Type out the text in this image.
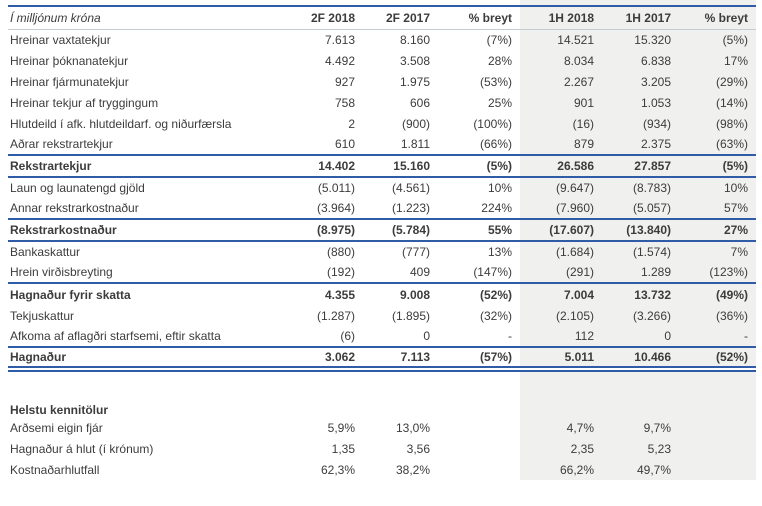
Í milljónum króna	2F 2018	2F 2017	% breyt	1H 2018	1H 2017	% breyt
Hreinar vaxtatekjur	7.613	8.160	(7%)	14.521	15.320	(5%)
Hreinar þóknanatekjur	4.492	3.508	28%	8.034	6.838	17%
Hreinar fjármunatekjur	927	1.975	(53%)	2.267	3.205	(29%)
Hreinar tekjur af tryggingum	758	606	25%	901	1.053	(14%)
Hlutdeild í afk. hlutdeildarf. og niðurfærsla	2	(900)	(100%)	(16)	(934)	(98%)
Aðrar rekstrartekjur	610	1.811	(66%)	879	2.375	(63%)
Rekstrartekjur	14.402	15.160	(5%)	26.586	27.857	(5%)
Laun og launatengd gjöld	(5.011)	(4.561)	10%	(9.647)	(8.783)	10%
Annar rekstrarkostnaður	(3.964)	(1.223)	224%	(7.960)	(5.057)	57%
Rekstrarkostnaður	(8.975)	(5.784)	55%	(17.607)	(13.840)	27%
Bankaskattur	(880)	(777)	13%	(1.684)	(1.574)	7%
Hrein virðisbreyting	(192)	409	(147%)	(291)	1.289	(123%)
Hagnaður fyrir skatta	4.355	9.008	(52%)	7.004	13.732	(49%)
Tekjuskattur	(1.287)	(1.895)	(32%)	(2.105)	(3.266)	(36%)
Afkoma af aflagðri starfsemi, eftir skatta	(6)	0	-	112	0	-
Hagnaður	3.062	7.113	(57%)	5.011	10.466	(52%)

Helstu kennitölur						
Arðsemi eigin fjár	5,9%	13,0%		4,7%	9,7%	
Hagnaður á hlut (í krónum)	1,35	3,56		2,35	5,23	
Kostnaðarhlutfall	62,3%	38,2%		66,2%	49,7%	
